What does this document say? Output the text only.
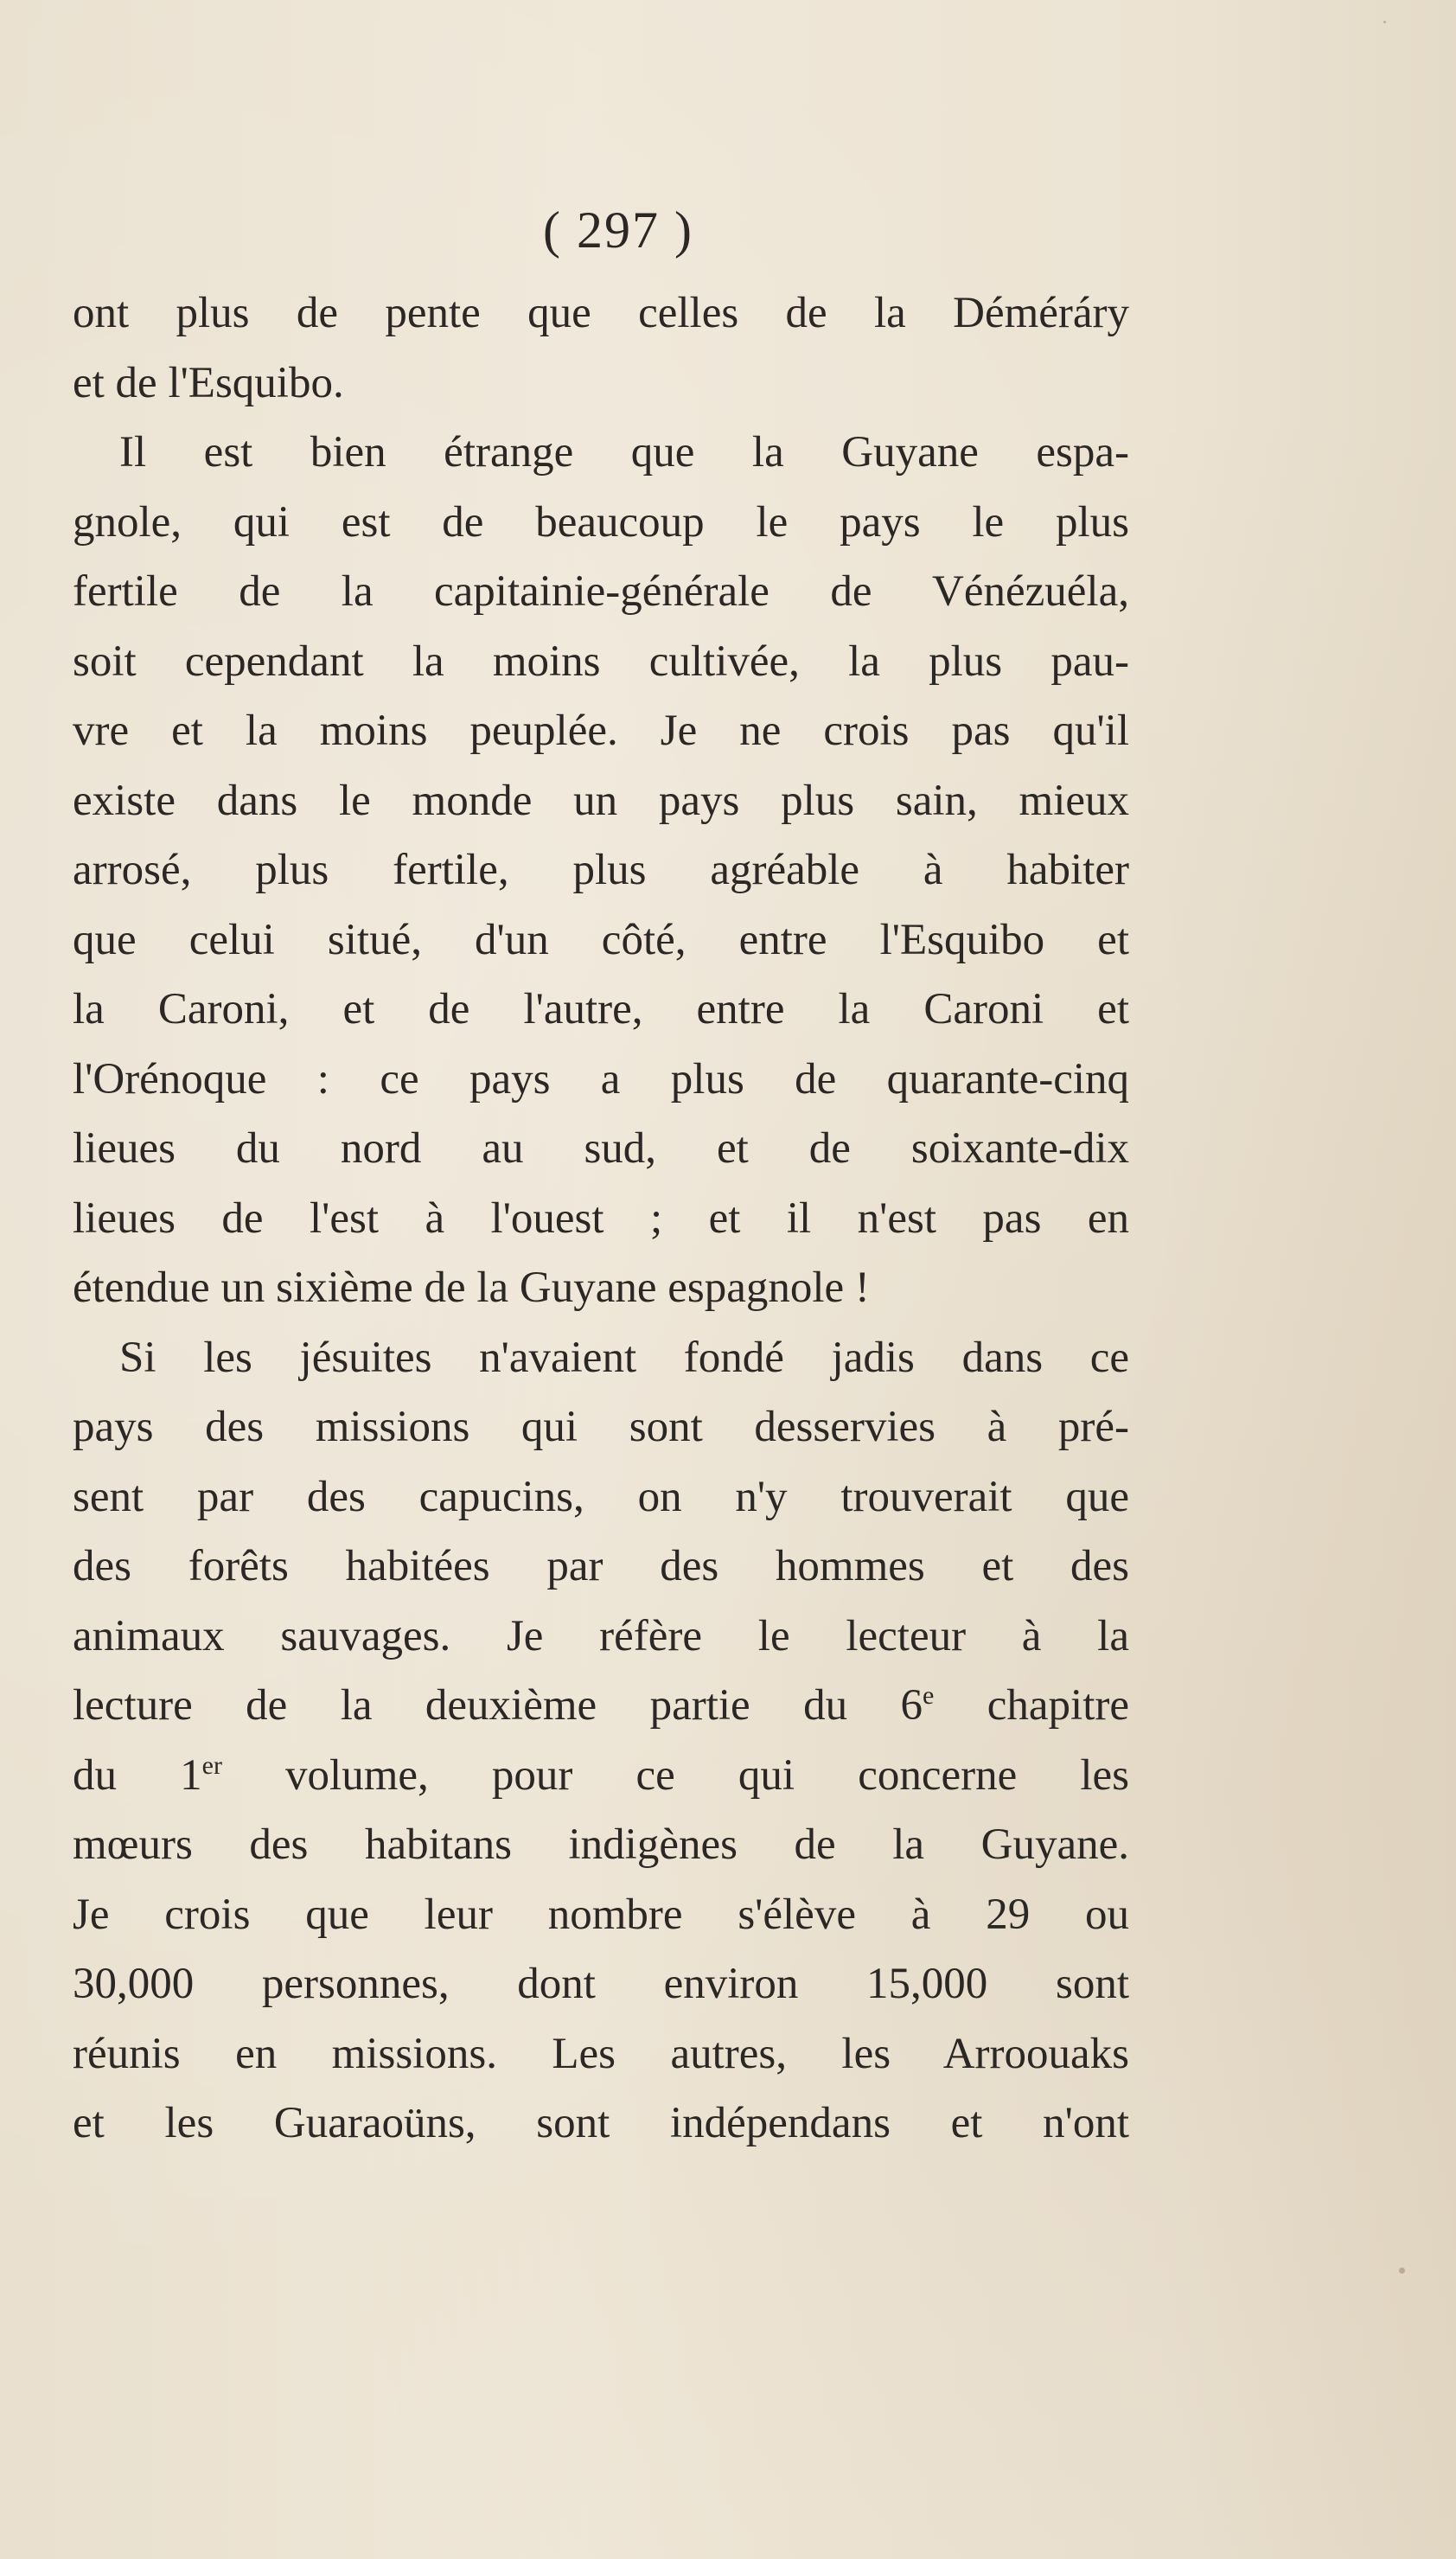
( 297 )
ont plus de pente que celles de la Déméráry
et de l'Esquibo.
Il est bien étrange que la Guyane espa-
gnole, qui est de beaucoup le pays le plus
fertile de la capitainie-générale de Vénézuéla,
soit cependant la moins cultivée, la plus pau-
vre et la moins peuplée. Je ne crois pas qu'il
existe dans le monde un pays plus sain, mieux
arrosé, plus fertile, plus agréable à habiter
que celui situé, d'un côté, entre l'Esquibo et
la Caroni, et de l'autre, entre la Caroni et
l'Orénoque : ce pays a plus de quarante-cinq
lieues du nord au sud, et de soixante-dix
lieues de l'est à l'ouest ; et il n'est pas en
étendue un sixième de la Guyane espagnole !
Si les jésuites n'avaient fondé jadis dans ce
pays des missions qui sont desservies à pré-
sent par des capucins, on n'y trouverait que
des forêts habitées par des hommes et des
animaux sauvages. Je réfère le lecteur à la
lecture de la deuxième partie du 6e chapitre
du 1er volume, pour ce qui concerne les
mœurs des habitans indigènes de la Guyane.
Je crois que leur nombre s'élève à 29 ou
30,000 personnes, dont environ 15,000 sont
réunis en missions. Les autres, les Arroouaks
et les Guaraoüns, sont indépendans et n'ont
